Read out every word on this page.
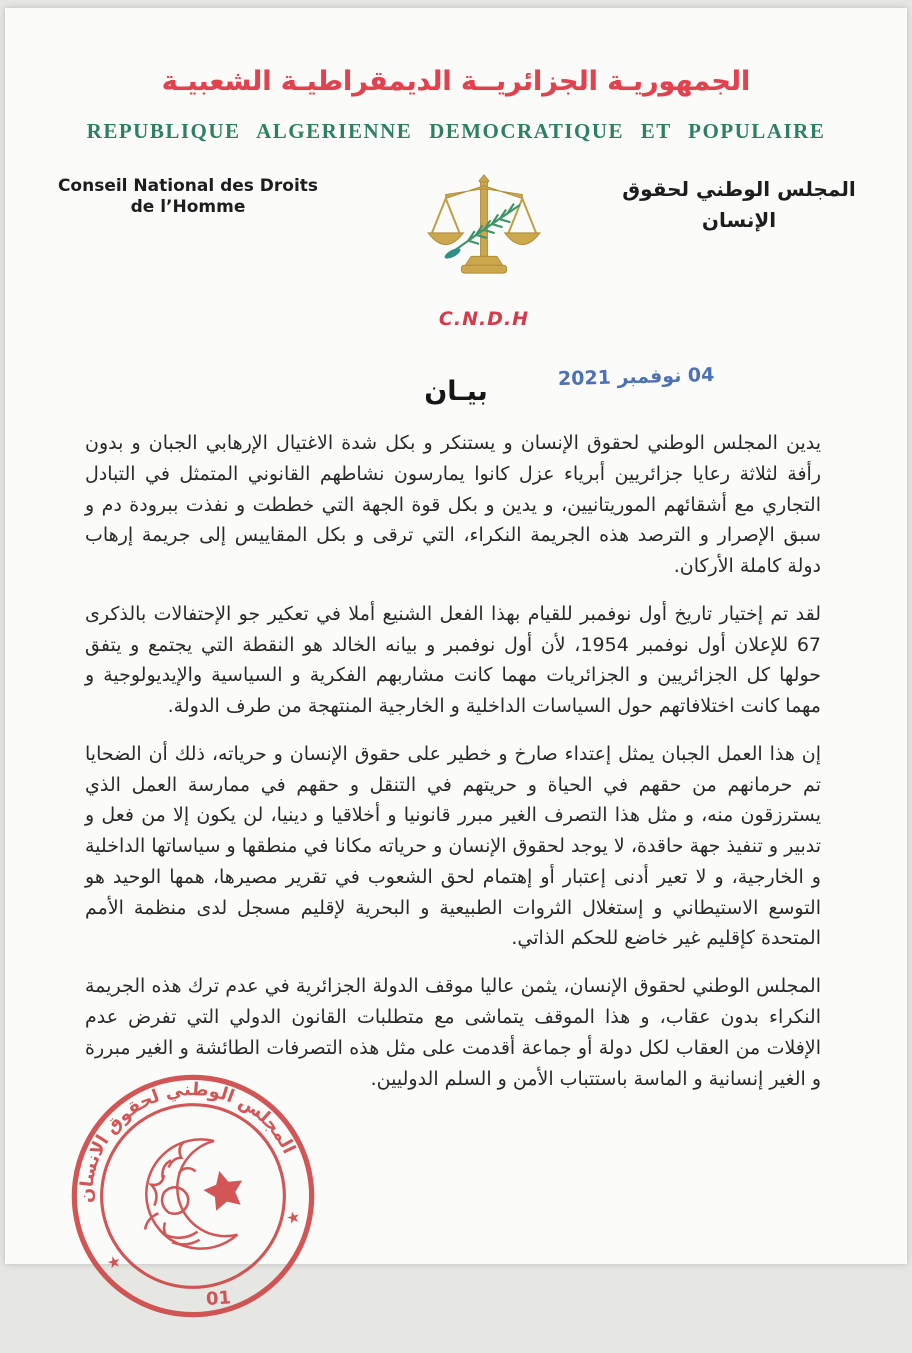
الجمهوريـة الجزائريــة الديمقراطيـة الشعبيـة
REPUBLIQUE ALGERIENNE DEMOCRATIQUE ET POPULAIRE
Conseil National des Droits de l’Homme
C.N.D.H
المجلس الوطني لحقوق
الإنسان
04 نوفمبر 2021
بيـان

يدين المجلس الوطني لحقوق الإنسان و يستنكر و بكل شدة الاغتيال الإرهابي الجبان و بدون رأفة لثلاثة رعايا جزائريين أبرياء عزل كانوا يمارسون نشاطهم القانوني المتمثل في التبادل التجاري مع أشقائهم الموريتانيين، و يدين و بكل قوة الجهة التي خططت و نفذت ببرودة دم و سبق الإصرار و الترصد هذه الجريمة النكراء، التي ترقى و بكل المقاييس إلى جريمة إرهاب دولة كاملة الأركان.

لقد تم إختيار تاريخ أول نوفمبر للقيام بهذا الفعل الشنيع أملا في تعكير جو الإحتفالات بالذكرى 67 للإعلان أول نوفمبر 1954، لأن أول نوفمبر و بيانه الخالد هو النقطة التي يجتمع و يتفق حولها كل الجزائريين و الجزائريات مهما كانت مشاربهم الفكرية و السياسية والإيديولوجية و مهما كانت اختلافاتهم حول السياسات الداخلية و الخارجية المنتهجة من طرف الدولة.

إن هذا العمل الجبان يمثل إعتداء صارخ و خطير على حقوق الإنسان و حرياته، ذلك أن الضحايا تم حرمانهم من حقهم في الحياة و حريتهم في التنقل و حقهم في ممارسة العمل الذي يسترزقون منه، و مثل هذا التصرف الغير مبرر قانونيا و أخلاقيا و دينيا، لن يكون إلا من فعل و تدبير و تنفيذ جهة حاقدة، لا يوجد لحقوق الإنسان و حرياته مكانا في منطقها و سياساتها الداخلية و الخارجية، و لا تعير أدنى إعتبار أو إهتمام لحق الشعوب في تقرير مصيرها، همها الوحيد هو التوسع الاستيطاني و إستغلال الثروات الطبيعية و البحرية لإقليم مسجل لدى منظمة الأمم المتحدة كإقليم غير خاضع للحكم الذاتي.

المجلس الوطني لحقوق الإنسان، يثمن عاليا موقف الدولة الجزائرية في عدم ترك هذه الجريمة النكراء بدون عقاب، و هذا الموقف يتماشى مع متطلبات القانون الدولي التي تفرض عدم الإفلات من العقاب لكل دولة أو جماعة أقدمت على مثل هذه التصرفات الطائشة و الغير مبررة و الغير إنسانية و الماسة باستتباب الأمن و السلم الدوليين.

المجلس الوطني لحقوق الانسان
★
★
01
